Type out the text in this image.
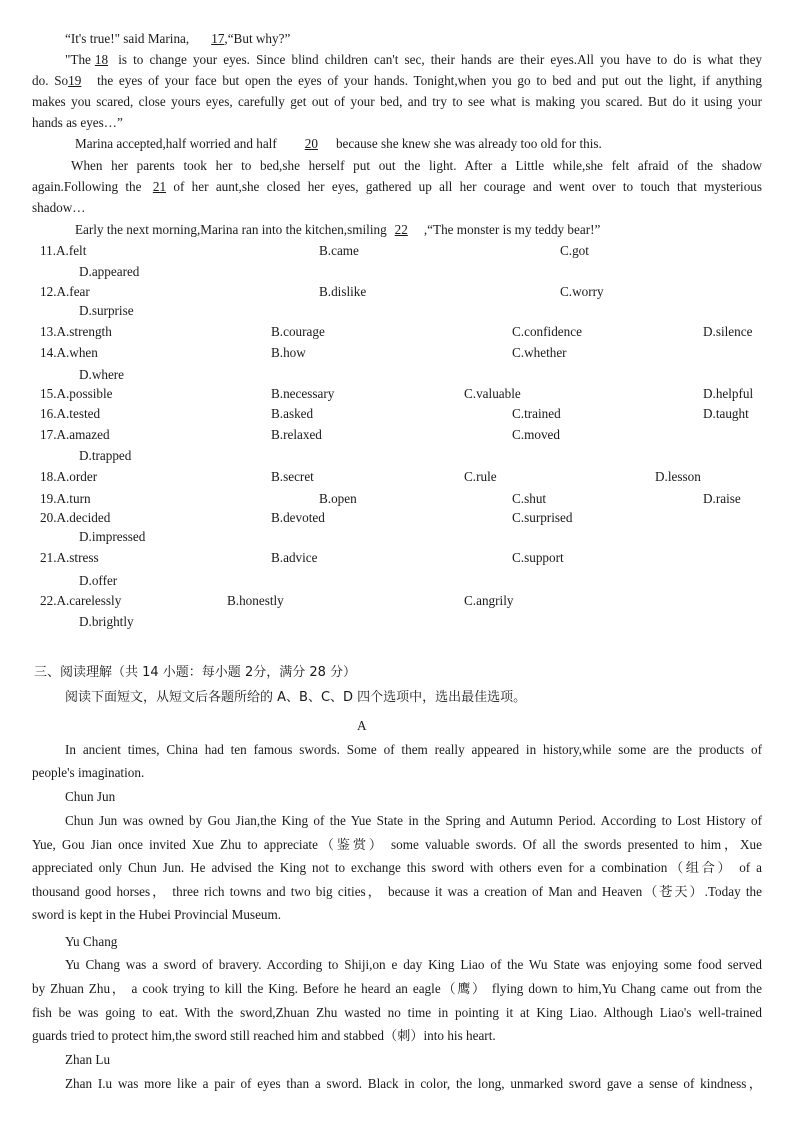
“It's true!" said Marina, 17,“But why?”
"The 18 is to change your eyes. Since blind children can't sec, their hands are their eyes.All you have to do is what they
do. So19 the eyes of your face but open the eyes of your hands. Tonight,when you go to bed and put out the light, if anything
makes you scared, close yours eyes, carefully get out of your bed, and try to see what is making you scared. But do it using your
hands as eyes…”
Marina accepted,half worried and half 20 because she knew she was already too old for this.
When her parents took her to bed,she herself put out the light. After a Little while,she felt afraid of the shadow
again.Following the 21 of her aunt,she closed her eyes, gathered up all her courage and went over to touch that mysterious
shadow…
Early the next morning,Marina ran into the kitchen,smiling 22 ,“The monster is my teddy bear!”
11.A.felt	B.came	C.got
D.appeared
12.A.fear	B.dislike	C.worry
D.surprise
13.A.strength	B.courage	C.confidence	D.silence
14.A.when	B.how	C.whether
D.where
15.A.possible	B.necessary	C.valuable	D.helpful
16.A.tested	B.asked	C.trained	D.taught
17.A.amazed	B.relaxed	C.moved
D.trapped
18.A.order	B.secret	C.rule	D.lesson
19.A.turn	B.open	C.shut	D.raise
20.A.decided	B.devoted	C.surprised
D.impressed
21.A.stress	B.advice	C.support
D.offer
22.A.carelessly	B.honestly	C.angrily
D.brightly
三、阅读理解（共 14 小题：每小题 2分，满分 28 分）
阅读下面短文，从短文后各题所给的 A、B、C、D 四个选项中，选出最佳选项。
A
In ancient times, China had ten famous swords. Some of them really appeared in history,while some are the products of
people's imagination.
Chun Jun
Chun Jun was owned by Gou Jian,the King of the Yue State in the Spring and Autumn Period. According to Lost History of
Yue, Gou Jian once invited Xue Zhu to appreciate（鉴赏） some valuable swords. Of all the swords presented to him，Xue
appreciated only Chun Jun. He advised the King not to exchange this sword with others even for a combination（组合） of a
thousand good horses， three rich towns and two big cities， because it was a creation of Man and Heaven（苍天）.Today the
sword is kept in the Hubei Provincial Museum.
Yu Chang
Yu Chang was a sword of bravery. According to Shiji,on e day King Liao of the Wu State was enjoying some food served
by Zhuan Zhu， a cook trying to kill the King. Before he heard an eagle（鹰） flying down to him,Yu Chang came out from the
fish be was going to eat. With the sword,Zhuan Zhu wasted no time in pointing it at King Liao. Although Liao's well-trained
guards tried to protect him,the sword still reached him and stabbed（刺）into his heart.
Zhan Lu
Zhan I.u was more like a pair of eyes than a sword. Black in color, the long, unmarked sword gave a sense of kindness，
